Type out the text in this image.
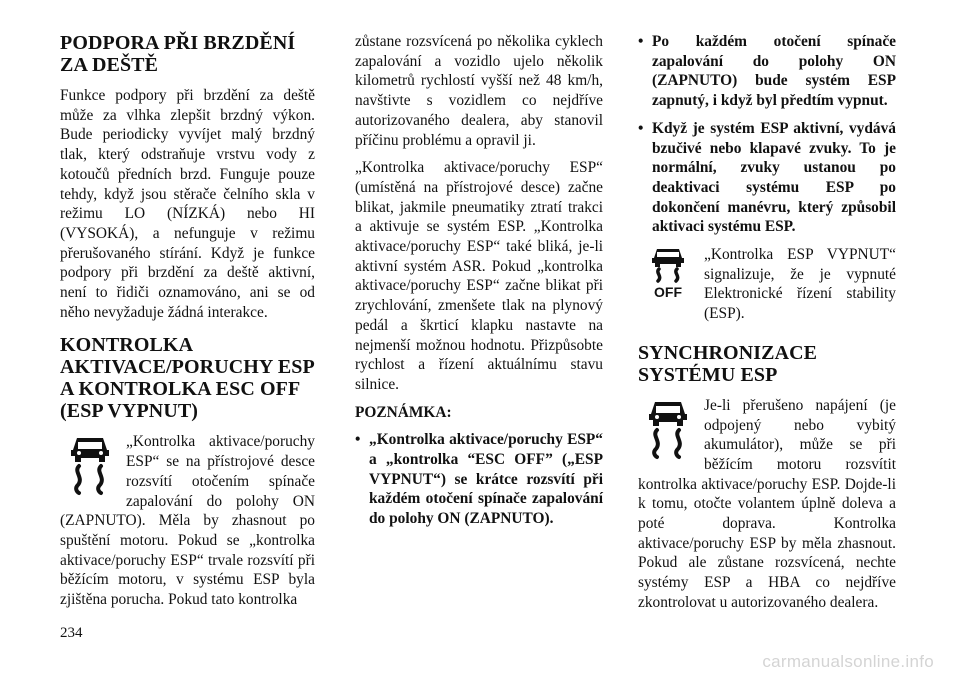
PODPORA PŘI BRZDĚNÍ ZA DEŠTĚ

Funkce podpory při brzdění za deště může za vlhka zlepšit brzdný výkon. Bude periodicky vyvíjet malý brzdný tlak, který odstraňuje vrstvu vody z kotoučů předních brzd. Funguje pouze tehdy, když jsou stěrače čelního skla v režimu LO (NÍZKÁ) nebo HI (VYSOKÁ), a nefunguje v režimu přerušovaného stírání. Když je funkce podpory při brzdění za deště aktivní, není to řidiči oznamováno, ani se od něho nevyžaduje žádná interakce.

KONTROLKA AKTIVACE/PORUCHY ESP A KONTROLKA ESC OFF (ESP VYPNUT)

„Kontrolka aktivace/poruchy ESP“ se na přístrojové desce rozsvítí otočením spínače zapalování do polohy ON (ZAPNUTO). Měla by zhasnout po spuštění motoru. Pokud se „kontrolka aktivace/poruchy ESP“ trvale rozsvítí při běžícím motoru, v systému ESP byla zjištěna porucha. Pokud tato kontrolka

zůstane rozsvícená po několika cyklech zapalování a vozidlo ujelo několik kilometrů rychlostí vyšší než 48 km/h, navštivte s vozidlem co nejdříve autorizovaného dealera, aby stanovil příčinu problému a opravil ji.

„Kontrolka aktivace/poruchy ESP“ (umístěná na přístrojové desce) začne blikat, jakmile pneumatiky ztratí trakci a aktivuje se systém ESP. „Kontrolka aktivace/poruchy ESP“ také bliká, je-li aktivní systém ASR. Pokud „kontrolka aktivace/poruchy ESP“ začne blikat při zrychlování, zmenšete tlak na plynový pedál a škrticí klapku nastavte na nejmenší možnou hodnotu. Přizpůsobte rychlost a řízení aktuálnímu stavu silnice.

POZNÁMKA:
• „Kontrolka aktivace/poruchy ESP“ a „kontrolka “ESC OFF” („ESP VYPNUT“) se krátce rozsvítí při každém otočení spínače zapalování do polohy ON (ZAPNUTO).
• Po každém otočení spínače zapalování do polohy ON (ZAPNUTO) bude systém ESP zapnutý, i když byl předtím vypnut.
• Když je systém ESP aktivní, vydává bzučivé nebo klapavé zvuky. To je normální, zvuky ustanou po deaktivaci systému ESP po dokončení manévru, který způsobil aktivaci systému ESP.
OFF

„Kontrolka ESP VYPNUT“ signalizuje, že je vypnuté Elektronické řízení stability (ESP).

SYNCHRONIZACE SYSTÉMU ESP

Je-li přerušeno napájení (je odpojený nebo vybitý akumulátor), může se při běžícím motoru rozsvítit kontrolka aktivace/poruchy ESP. Dojde-li k tomu, otočte volantem úplně doleva a poté doprava. Kontrolka aktivace/poruchy ESP by měla zhasnout. Pokud ale zůstane rozsvícená, nechte systémy ESP a HBA co nejdříve zkontrolovat u autorizovaného dealera.

234
carmanualsonline.info
